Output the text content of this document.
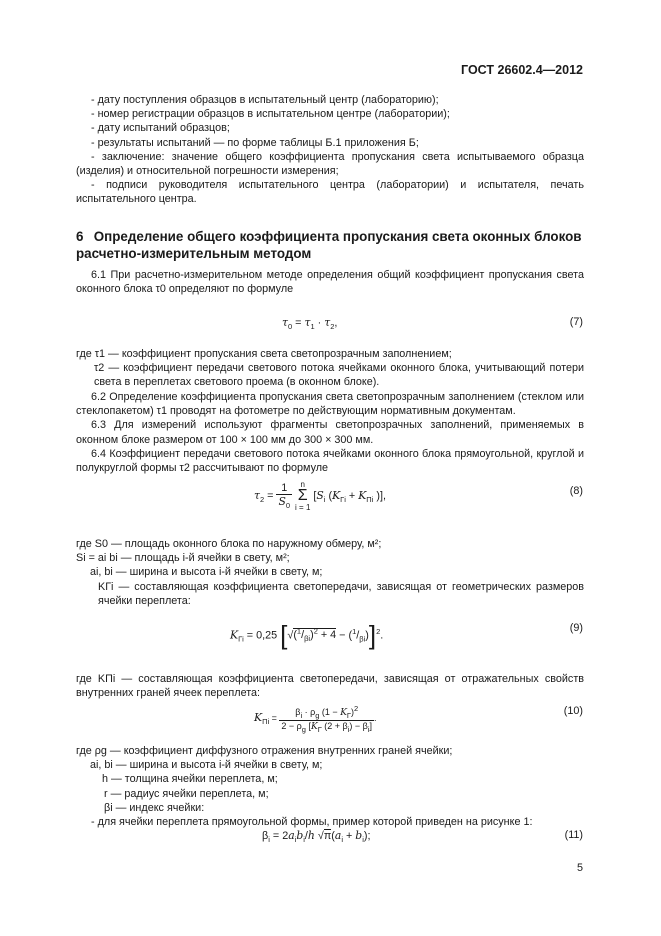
ГОСТ 26602.4—2012

- дату поступления образцов в испытательный центр (лабораторию);

- номер регистрации образцов в испытательном центре (лаборатории);

- дату испытаний образцов;

- результаты испытаний — по форме таблицы Б.1 приложения Б;

- заключение: значение общего коэффициента пропускания света испытываемого образца (изделия) и относительной погрешности измерения;

- подписи руководителя испытательного центра (лаборатории) и испытателя, печать испытательного центра.

6 Определение общего коэффициента пропускания света оконных блоков расчетно-измерительным методом

6.1 При расчетно-измерительном методе определения общий коэффициент пропускания света оконного блока τ0 определяют по формуле

$\tau_0 = \tau_1 \cdot \tau_2$,	(7)

где τ1 — коэффициент пропускания света светопрозрачным заполнением;

τ2 — коэффициент передачи светового потока ячейками оконного блока, учитывающий потери света в переплетах светового проема (в оконном блоке).

6.2 Определение коэффициента пропускания света светопрозрачным заполнением (стеклом или стеклопакетом) τ1 проводят на фотометре по действующим нормативным документам.

6.3 Для измерений используют фрагменты светопрозрачных заполнений, применяемых в оконном блоке размером от 100 × 100 мм до 300 × 300 мм.

6.4 Коэффициент передачи светового потока ячейками оконного блока прямоугольной, круглой и полукруглой формы τ2 рассчитывают по формуле

$\tau_2 = \frac{1}{S_0}$
	n
Σ
i = 1
[$S_i$ ($K_{Гi} + K_{Пi}$ )],	(8)

где S0 — площадь оконного блока по наружному обмеру, м²;

Si = ai bi — площадь i-й ячейки в свету, м²;

ai, bi — ширина и высота i-й ячейки в свету, м;

KГi — составляющая коэффициента светопередачи, зависящая от геометрических размеров ячейки переплета:

$K_{Гi} = 0,25$ $[√(^1/_{\beta i})^2 + 4 - (^1/_{\beta i})]^2$.
(9)

где KПi — составляющая коэффициента светопередачи, зависящая от отражательных свойств внутренних граней ячеек переплета:

$K_{Пi} = \frac{\beta_i \cdot \rho_g (1 - K_Г)^2}{2 - \rho_g [K_Г (2 + \beta_i) - \beta_i]}$ .
(10)

где ρg — коэффициент диффузного отражения внутренних граней ячейки;

ai, bi — ширина и высота i-й ячейки в свету, м;

h — толщина ячейки переплета, м;

r — радиус ячейки переплета, м;

βi — индекс ячейки:

- для ячейки переплета прямоугольной формы, пример которой приведен на рисунке 1:

$\beta_i = 2a_ib_i/h$ $√\pi(a_i + b_i)$;	(11)
5
